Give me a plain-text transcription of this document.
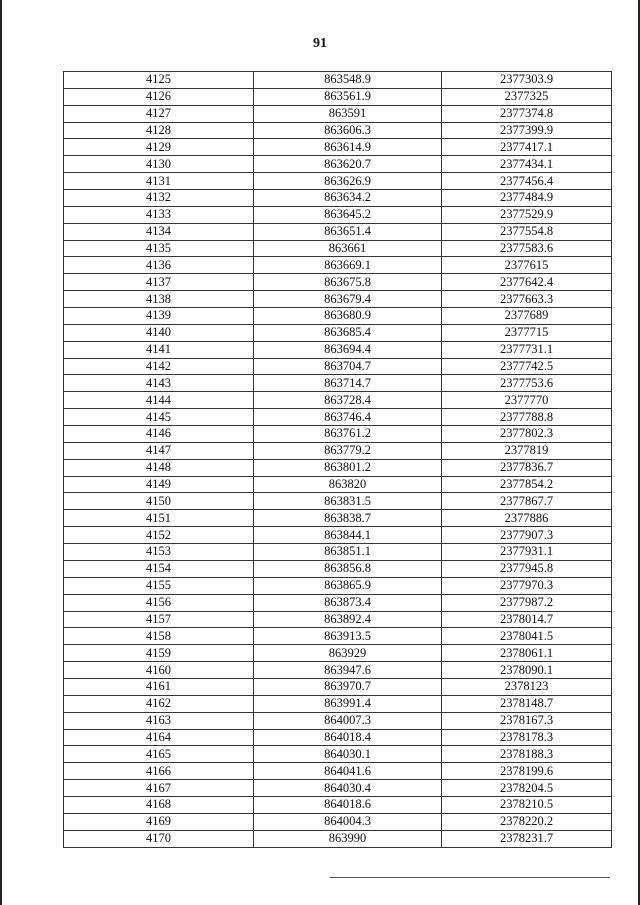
91
4125	863548.9	2377303.9
4126	863561.9	2377325
4127	863591	2377374.8
4128	863606.3	2377399.9
4129	863614.9	2377417.1
4130	863620.7	2377434.1
4131	863626.9	2377456.4
4132	863634.2	2377484.9
4133	863645.2	2377529.9
4134	863651.4	2377554.8
4135	863661	2377583.6
4136	863669.1	2377615
4137	863675.8	2377642.4
4138	863679.4	2377663.3
4139	863680.9	2377689
4140	863685.4	2377715
4141	863694.4	2377731.1
4142	863704.7	2377742.5
4143	863714.7	2377753.6
4144	863728.4	2377770
4145	863746.4	2377788.8
4146	863761.2	2377802.3
4147	863779.2	2377819
4148	863801.2	2377836.7
4149	863820	2377854.2
4150	863831.5	2377867.7
4151	863838.7	2377886
4152	863844.1	2377907.3
4153	863851.1	2377931.1
4154	863856.8	2377945.8
4155	863865.9	2377970.3
4156	863873.4	2377987.2
4157	863892.4	2378014.7
4158	863913.5	2378041.5
4159	863929	2378061.1
4160	863947.6	2378090.1
4161	863970.7	2378123
4162	863991.4	2378148.7
4163	864007.3	2378167.3
4164	864018.4	2378178.3
4165	864030.1	2378188.3
4166	864041.6	2378199.6
4167	864030.4	2378204.5
4168	864018.6	2378210.5
4169	864004.3	2378220.2
4170	863990	2378231.7
